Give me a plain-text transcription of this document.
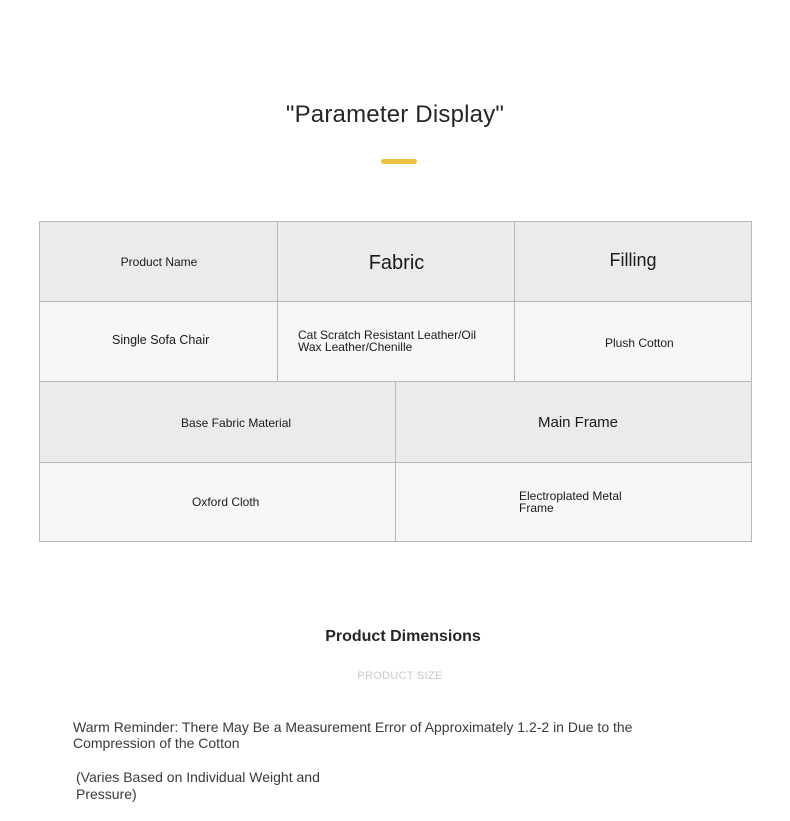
"Parameter Display"
Product Name	Fabric	Filling
Single Sofa Chair	Cat Scratch Resistant Leather/Oil Wax Leather/Chenille	Plush Cotton
Base Fabric Material	Main Frame
Oxford Cloth	Electroplated Metal Frame
Product Dimensions
PRODUCT SIZE
Warm Reminder: There May Be a Measurement Error of Approximately 1.2-2 in Due to the Compression of the Cotton
(Varies Based on Individual Weight and Pressure)
